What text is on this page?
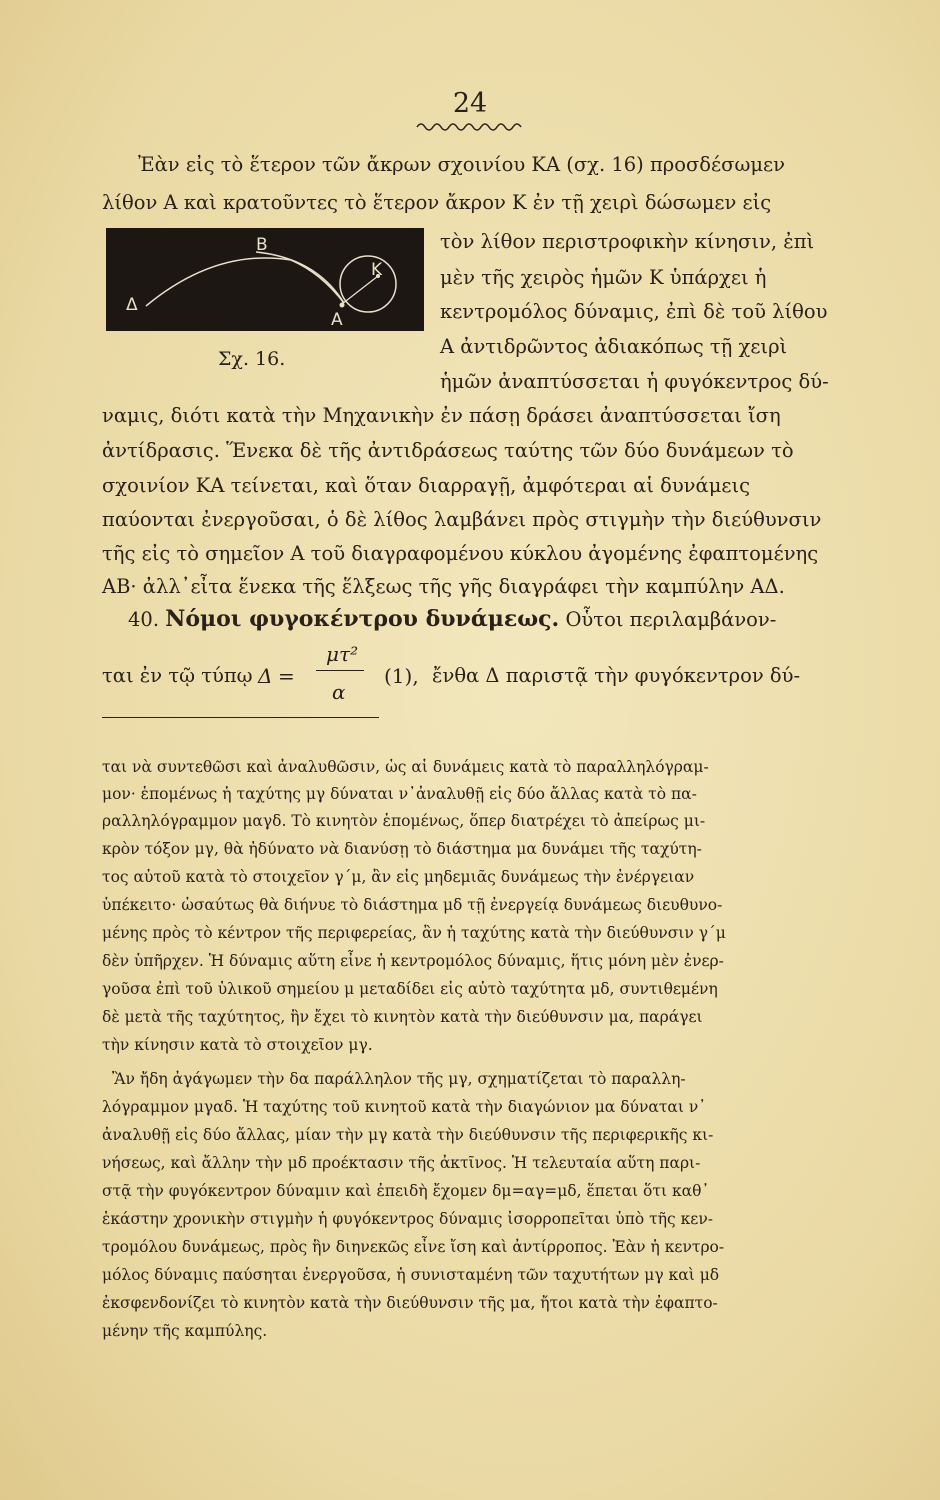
24
Β
Κ
Α
Δ
Σχ. 16.
Ἐὰν εἰς τὸ ἕτερον τῶν ἄκρων σχοινίου ΚΑ (σχ. 16) προσδέσωμεν
λίθον Α καὶ κρατοῦντες τὸ ἕτερον ἄκρον Κ ἐν τῇ χειρὶ δώσωμεν εἰς
τὸν λίθον περιστροφικὴν κίνησιν, ἐπὶ
μὲν τῆς χειρὸς ἡμῶν Κ ὑπάρχει ἡ
κεντρομόλος δύναμις, ἐπὶ δὲ τοῦ λίθου
Α ἀντιδρῶντος ἀδιακόπως τῇ χειρὶ
ἡμῶν ἀναπτύσσεται ἡ φυγόκεντρος δύ-
ναμις, διότι κατὰ τὴν Μηχανικὴν ἐν πάσῃ δράσει ἀναπτύσσεται ἴση
ἀντίδρασις. Ἕνεκα δὲ τῆς ἀντιδράσεως ταύτης τῶν δύο δυνάμεων τὸ
σχοινίον ΚΑ τείνεται, καὶ ὅταν διαρραγῇ, ἀμφότεραι αἱ δυνάμεις
παύονται ἐνεργοῦσαι, ὁ δὲ λίθος λαμβάνει πρὸς στιγμὴν τὴν διεύθυνσιν
τῆς εἰς τὸ σημεῖον Α τοῦ διαγραφομένου κύκλου ἀγομένης ἐφαπτομένης
ΑΒ· ἀλλ᾽εἶτα ἕνεκα τῆς ἕλξεως τῆς γῆς διαγράφει τὴν καμπύλην ΑΔ.
40. Νόμοι φυγοκέντρου δυνάμεως. Οὗτοι περιλαμβάνον-
ται ἐν τῷ τύπῳ Δ =
μτ²
α
(1), ἔνθα Δ παριστᾷ τὴν φυγόκεντρον δύ-
ται νὰ συντεθῶσι καὶ ἀναλυθῶσιν, ὡς αἱ δυνάμεις κατὰ τὸ παραλληλόγραμ-
μον· ἑπομένως ἡ ταχύτης μγ δύναται ν᾽ἀναλυθῇ εἰς δύο ἄλλας κατὰ τὸ πα-
ραλληλόγραμμον μαγδ. Τὸ κινητὸν ἑπομένως, ὅπερ διατρέχει τὸ ἀπείρως μι-
κρὸν τόξον μγ, θὰ ἠδύνατο νὰ διανύσῃ τὸ διάστημα μα δυνάμει τῆς ταχύτη-
τος αὐτοῦ κατὰ τὸ στοιχεῖον γ΄μ, ἂν εἰς μηδεμιᾶς δυνάμεως τὴν ἐνέργειαν
ὑπέκειτο· ὡσαύτως θὰ διήνυε τὸ διάστημα μδ τῇ ἐνεργείᾳ δυνάμεως διευθυνο-
μένης πρὸς τὸ κέντρον τῆς περιφερείας, ἂν ἡ ταχύτης κατὰ τὴν διεύθυνσιν γ΄μ
δὲν ὑπῆρχεν. Ἡ δύναμις αὕτη εἶνε ἡ κεντρομόλος δύναμις, ἥτις μόνη μὲν ἐνερ-
γοῦσα ἐπὶ τοῦ ὑλικοῦ σημείου μ μεταδίδει εἰς αὐτὸ ταχύτητα μδ, συντιθεμένη
δὲ μετὰ τῆς ταχύτητος, ἣν ἔχει τὸ κινητὸν κατὰ τὴν διεύθυνσιν μα, παράγει
τὴν κίνησιν κατὰ τὸ στοιχεῖον μγ.
Ἂν ἤδη ἀγάγωμεν τὴν δα παράλληλον τῆς μγ, σχηματίζεται τὸ παραλλη-
λόγραμμον μγαδ. Ἡ ταχύτης τοῦ κινητοῦ κατὰ τὴν διαγώνιον μα δύναται ν᾽
ἀναλυθῇ εἰς δύο ἄλλας, μίαν τὴν μγ κατὰ τὴν διεύθυνσιν τῆς περιφερικῆς κι-
νήσεως, καὶ ἄλλην τὴν μδ προέκτασιν τῆς ἀκτῖνος. Ἡ τελευταία αὕτη παρι-
στᾷ τὴν φυγόκεντρον δύναμιν καὶ ἐπειδὴ ἔχομεν δμ=αγ=μδ, ἕπεται ὅτι καθ᾽
ἑκάστην χρονικὴν στιγμὴν ἡ φυγόκεντρος δύναμις ἰσορροπεῖται ὑπὸ τῆς κεν-
τρομόλου δυνάμεως, πρὸς ἣν διηνεκῶς εἶνε ἴση καὶ ἀντίρροπος. Ἐὰν ἡ κεντρο-
μόλος δύναμις παύσηται ἐνεργοῦσα, ἡ συνισταμένη τῶν ταχυτήτων μγ καὶ μδ
ἐκσφενδονίζει τὸ κινητὸν κατὰ τὴν διεύθυνσιν τῆς μα, ἤτοι κατὰ τὴν ἐφαπτο-
μένην τῆς καμπύλης.
